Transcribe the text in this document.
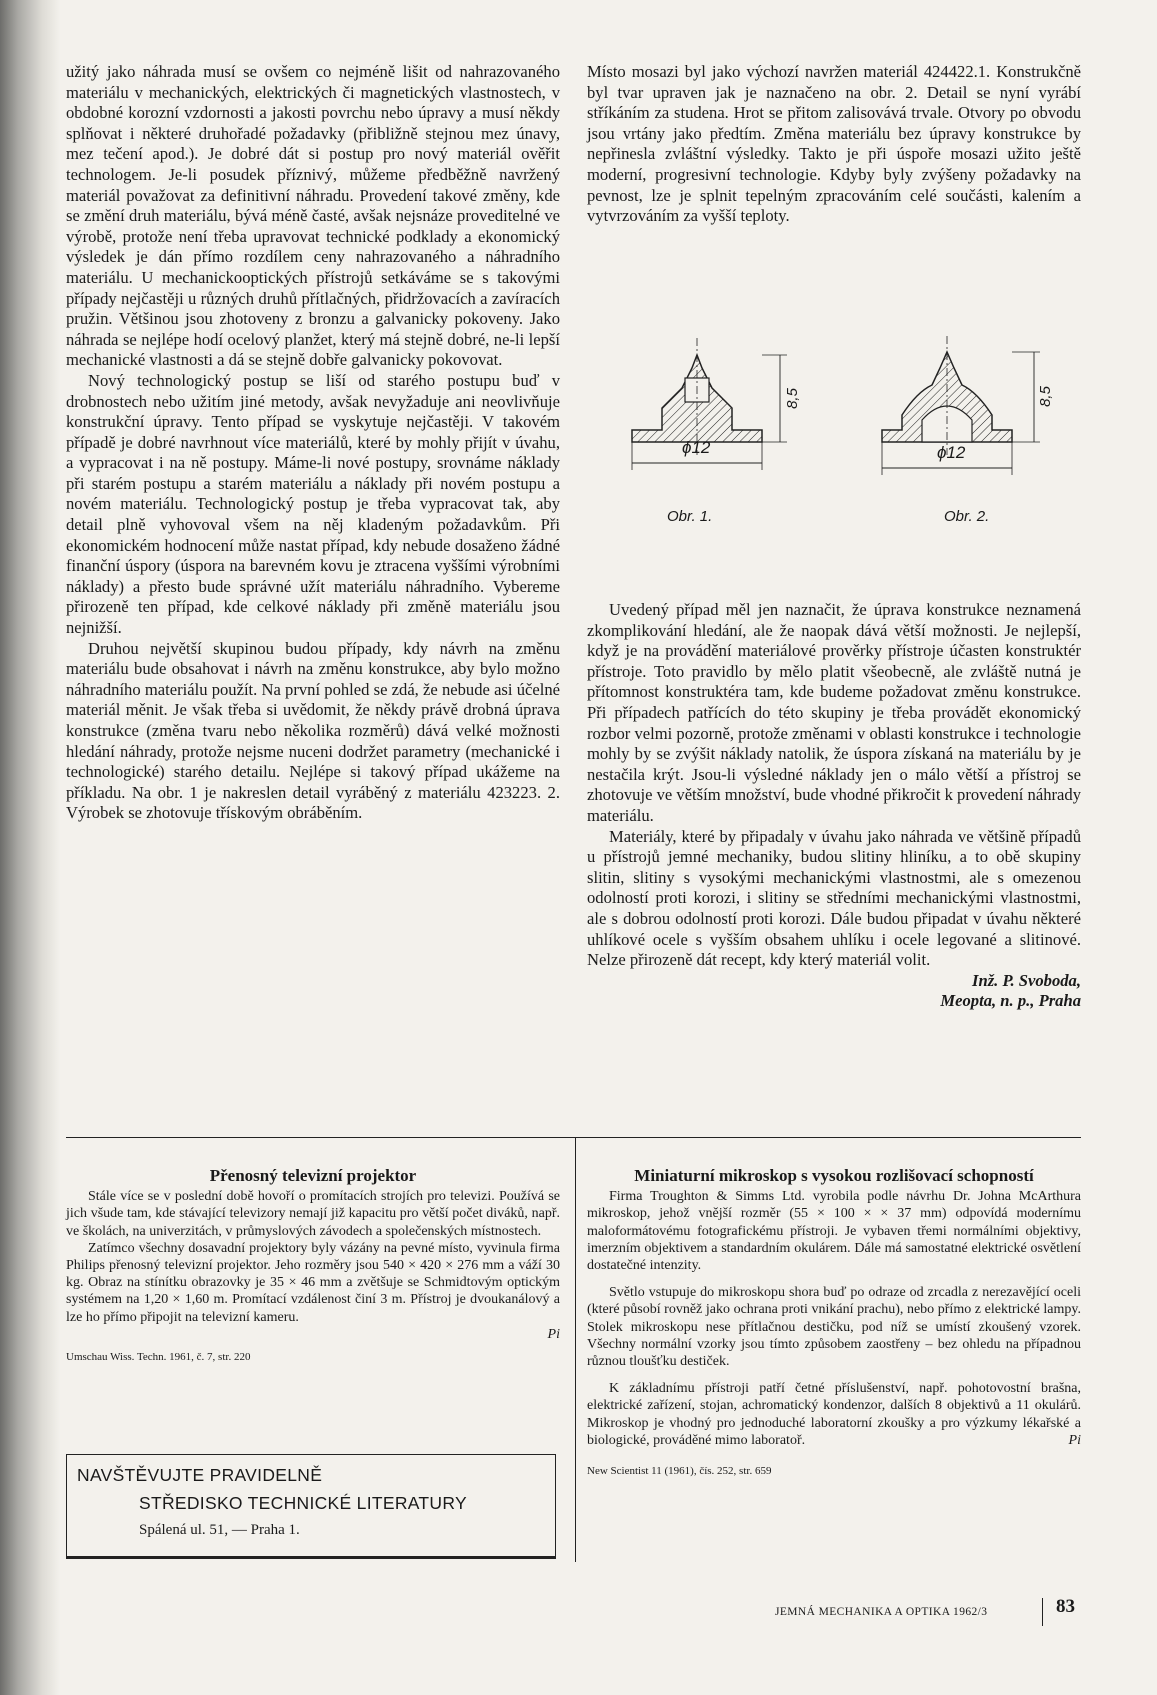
užitý jako náhrada musí se ovšem co nejméně lišit od nahrazovaného materiálu v mechanických, elektrických či magnetických vlastnostech, v obdobné korozní vzdornosti a jakosti povrchu nebo úpravy a musí někdy splňovat i některé druhořadé požadavky (přibližně stejnou mez únavy, mez tečení apod.). Je dobré dát si postup pro nový materiál ověřit technologem. Je-li posudek příznivý, můžeme předběžně navržený materiál považovat za definitivní náhradu. Provedení takové změny, kde se změní druh materiálu, bývá méně časté, avšak nejsnáze proveditelné ve výrobě, protože není třeba upravovat technické podklady a ekonomický výsledek je dán přímo rozdílem ceny nahrazovaného a náhradního materiálu. U mechanickooptických přístrojů setkáváme se s takovými případy nejčastěji u různých druhů přítlačných, přidržovacích a zavíracích pružin. Většinou jsou zhotoveny z bronzu a galvanicky pokoveny. Jako náhrada se nejlépe hodí ocelový planžet, který má stejně dobré, ne-li lepší mechanické vlastnosti a dá se stejně dobře galvanicky pokovovat.

Nový technologický postup se liší od starého postupu buď v drobnostech nebo užitím jiné metody, avšak nevyžaduje ani neovlivňuje konstrukční úpravy. Tento případ se vyskytuje nejčastěji. V takovém případě je dobré navrhnout více materiálů, které by mohly přijít v úvahu, a vypracovat i na ně postupy. Máme-li nové postupy, srovnáme náklady při starém postupu a starém materiálu a náklady při novém postupu a novém materiálu. Technologický postup je třeba vypracovat tak, aby detail plně vyhovoval všem na něj kladeným požadavkům. Při ekonomickém hodnocení může nastat případ, kdy nebude dosaženo žádné finanční úspory (úspora na barevném kovu je ztracena vyššími výrobními náklady) a přesto bude správné užít materiálu náhradního. Vybereme přirozeně ten případ, kde celkové náklady při změně materiálu jsou nejnižší.

Druhou největší skupinou budou případy, kdy návrh na změnu materiálu bude obsahovat i návrh na změnu konstrukce, aby bylo možno náhradního materiálu použít. Na první pohled se zdá, že nebude asi účelné materiál měnit. Je však třeba si uvědomit, že někdy právě drobná úprava konstrukce (změna tvaru nebo několika rozměrů) dává velké možnosti hledání náhrady, protože nejsme nuceni dodržet parametry (mechanické i technologické) starého detailu. Nejlépe si takový případ ukážeme na příkladu. Na obr. 1 je nakreslen detail vyráběný z materiálu 423223. 2. Výrobek se zhotovuje třískovým obráběním.

Místo mosazi byl jako výchozí navržen materiál 424422.1. Konstrukčně byl tvar upraven jak je naznačeno na obr. 2. Detail se nyní vyrábí stříkáním za studena. Hrot se přitom zalisovává trvale. Otvory po obvodu jsou vrtány jako předtím. Změna materiálu bez úpravy konstrukce by nepřinesla zvláštní výsledky. Takto je při úspoře mosazi užito ještě moderní, progresivní technologie. Kdyby byly zvýšeny požadavky na pevnost, lze je splnit tepelným zpracováním celé součásti, kalením a vytvrzováním za vyšší teploty.

ϕ12
8,5
ϕ12
8,5
Obr. 1.	Obr. 2.

Uvedený případ měl jen naznačit, že úprava konstrukce neznamená zkomplikování hledání, ale že naopak dává větší možnosti. Je nejlepší, když je na provádění materiálové prověrky přístroje účasten konstruktér přístroje. Toto pravidlo by mělo platit všeobecně, ale zvláště nutná je přítomnost konstruktéra tam, kde budeme požadovat změnu konstrukce. Při případech patřících do této skupiny je třeba provádět ekonomický rozbor velmi pozorně, protože změnami v oblasti konstrukce i technologie mohly by se zvýšit náklady natolik, že úspora získaná na materiálu by je nestačila krýt. Jsou-li výsledné náklady jen o málo větší a přístroj se zhotovuje ve větším množství, bude vhodné přikročit k provedení náhrady materiálu.

Materiály, které by připadaly v úvahu jako náhrada ve většině případů u přístrojů jemné mechaniky, budou slitiny hliníku, a to obě skupiny slitin, slitiny s vysokými mechanickými vlastnostmi, ale s omezenou odolností proti korozi, i slitiny se středními mechanickými vlastnostmi, ale s dobrou odolností proti korozi. Dále budou připadat v úvahu některé uhlíkové ocele s vyšším obsahem uhlíku i ocele legované a slitinové. Nelze přirozeně dát recept, kdy který materiál volit.

Inž. P. Svoboda,

Meopta, n. p., Praha

Přenosný televizní projektor

Stále více se v poslední době hovoří o promítacích strojích pro televizi. Používá se jich všude tam, kde stávající televizory nemají již kapacitu pro větší počet diváků, např. ve školách, na univerzitách, v průmyslových závodech a společenských místnostech.

Zatímco všechny dosavadní projektory byly vázány na pevné místo, vyvinula firma Philips přenosný televizní projektor. Jeho rozměry jsou 540 × 420 × 276 mm a váží 30 kg. Obraz na stínítku obrazovky je 35 × 46 mm a zvětšuje se Schmidtovým optickým systémem na 1,20 × 1,60 m. Promítací vzdálenost činí 3 m. Přístroj je dvoukanálový a lze ho přímo připojit na televizní kameru.

Pi

Umschau Wiss. Techn. 1961, č. 7, str. 220
NAVŠTĚVUJTE PRAVIDELNĚ
STŘEDISKO TECHNICKÉ LITERATURY
Spálená ul. 51, — Praha 1.
Miniaturní mikroskop s vysokou rozlišovací schopností

Firma Troughton & Simms Ltd. vyrobila podle návrhu Dr. Johna McArthura mikroskop, jehož vnější rozměr (55 × 100 × × 37 mm) odpovídá modernímu maloformátovému fotografickému přístroji. Je vybaven třemi normálními objektivy, imerzním objektivem a standardním okulárem. Dále má samostatné elektrické osvětlení dostatečné intenzity.

Světlo vstupuje do mikroskopu shora buď po odraze od zrcadla z nerezavějící oceli (které působí rovněž jako ochrana proti vnikání prachu), nebo přímo z elektrické lampy. Stolek mikroskopu nese přítlačnou destičku, pod níž se umístí zkoušený vzorek. Všechny normální vzorky jsou tímto způsobem zaostřeny – bez ohledu na případnou různou tloušťku destiček.

K základnímu přístroji patří četné příslušenství, např. pohotovostní brašna, elektrické zařízení, stojan, achromatický kondenzor, dalších 8 objektivů a 11 okulárů. Mikroskop je vhodný pro jednoduché laboratorní zkoušky a pro výzkumy lékařské a biologické, prováděné mimo laboratoř.	Pi

New Scientist 11 (1961), čís. 252, str. 659
JEMNÁ MECHANIKA A OPTIKA 1962/3	83
